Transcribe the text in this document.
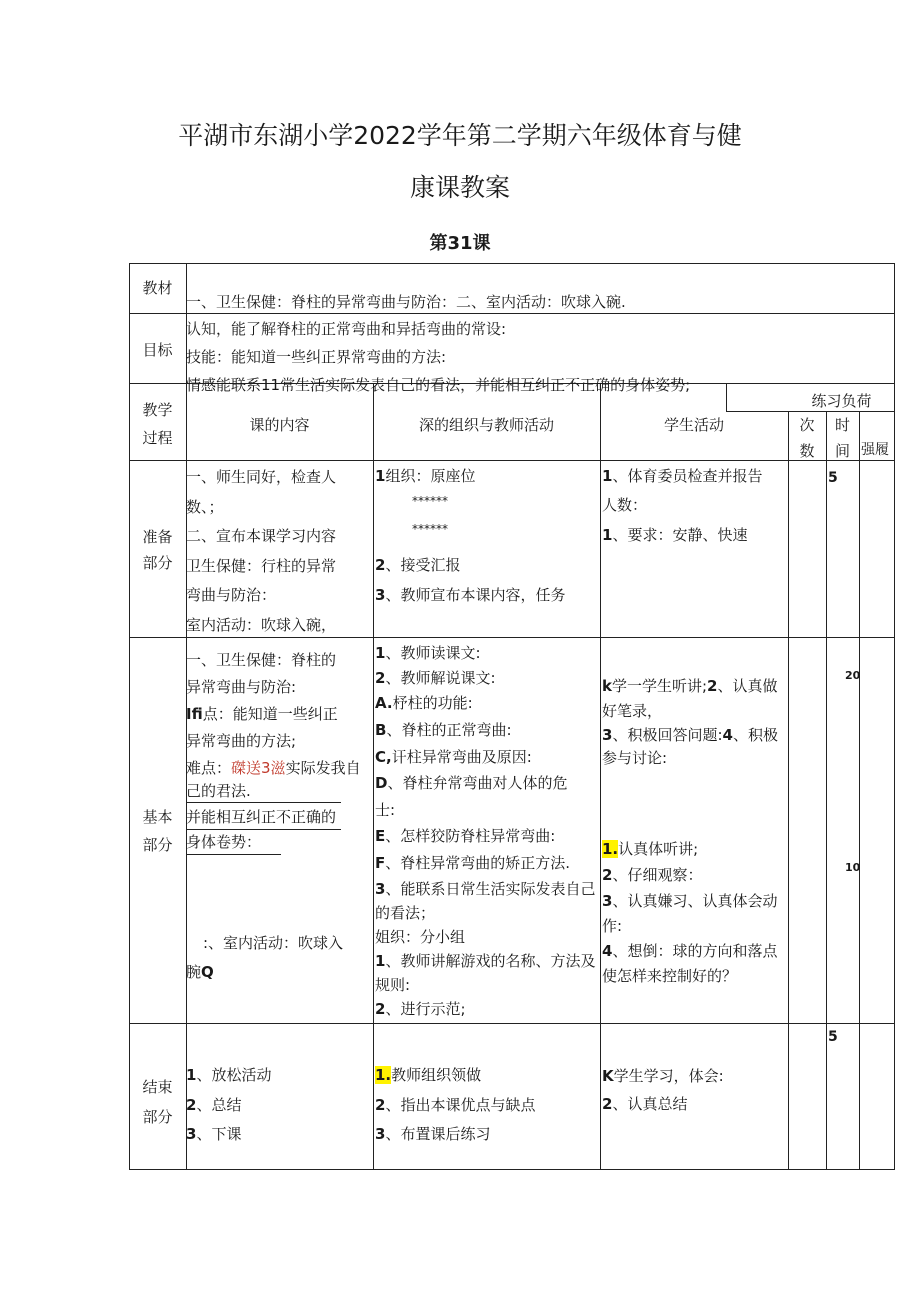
平湖市东湖小学2022学年第二学期六年级体育与健
康课教案
第31课
教材
一、卫生保健：脊柱的异常弯曲与防治：二、室内活动：吹球入碗.
目标
认知，能了解脊柱的正常弯曲和异括弯曲的常设:
技能：能知道一些纠正界常弯曲的方法:
情感能联系11常生活实际发表自己的看法，并能相互纠正不正确的身体姿势;
教学
过程
课的内容	深的组织与教师活动	学生活动
练习负荷
次
数
时
间 强履
准备
部分
一、师生同好，检查人
数、；
二、宣布本课学习内容
卫生保健：行柱的异常
弯曲与防治：
室内活动：吹球入碗，
1组织：原座位
******
******
2、接受汇报
3、教师宣布本课内容，任务
1、体育委员检查并报告
人数：
1、要求：安静、快速
5
基本
部分
一、卫生保健：脊柱的
异常弯曲与防治:
Ifi点：能知道一些纠正
异常弯曲的方法;
难点：磔送3滋实际发我自
己的君法.
并能相互纠正不正确的
身体卷势：
:、室内活动：吹球入
腕Q
1、教师读课文:
2、教师解说课文:
A.杼柱的功能:
B、脊柱的正常弯曲:
C,讦柱异常弯曲及原因:
D、脊柱弁常弯曲对人体的危
士:
E、怎样狡防脊柱异常弯曲:
F、脊柱异常弯曲的矫正方法.
3、能联系日常生活实际发表自己
的看法；
姐织：分小组
1、教师讲解游戏的名称、方法及
规则:
2、进行示范;
k学一学生听讲;2、认真做
好笔录，
3、积极回答问题:4、积极
参与讨论:
1.认真体听讲;
2、仔细观察：
3、认真嫌习、认真体会动
作:
4、想倒：球的方向和落点
使怎样来控制好的？
20
10
结束
部分
1、放松活动
2、总结
3、下课
1.教师组织领做
2、指出本课优点与缺点
3、布置课后练习
K学生学习，体会:
2、认真总结
5
